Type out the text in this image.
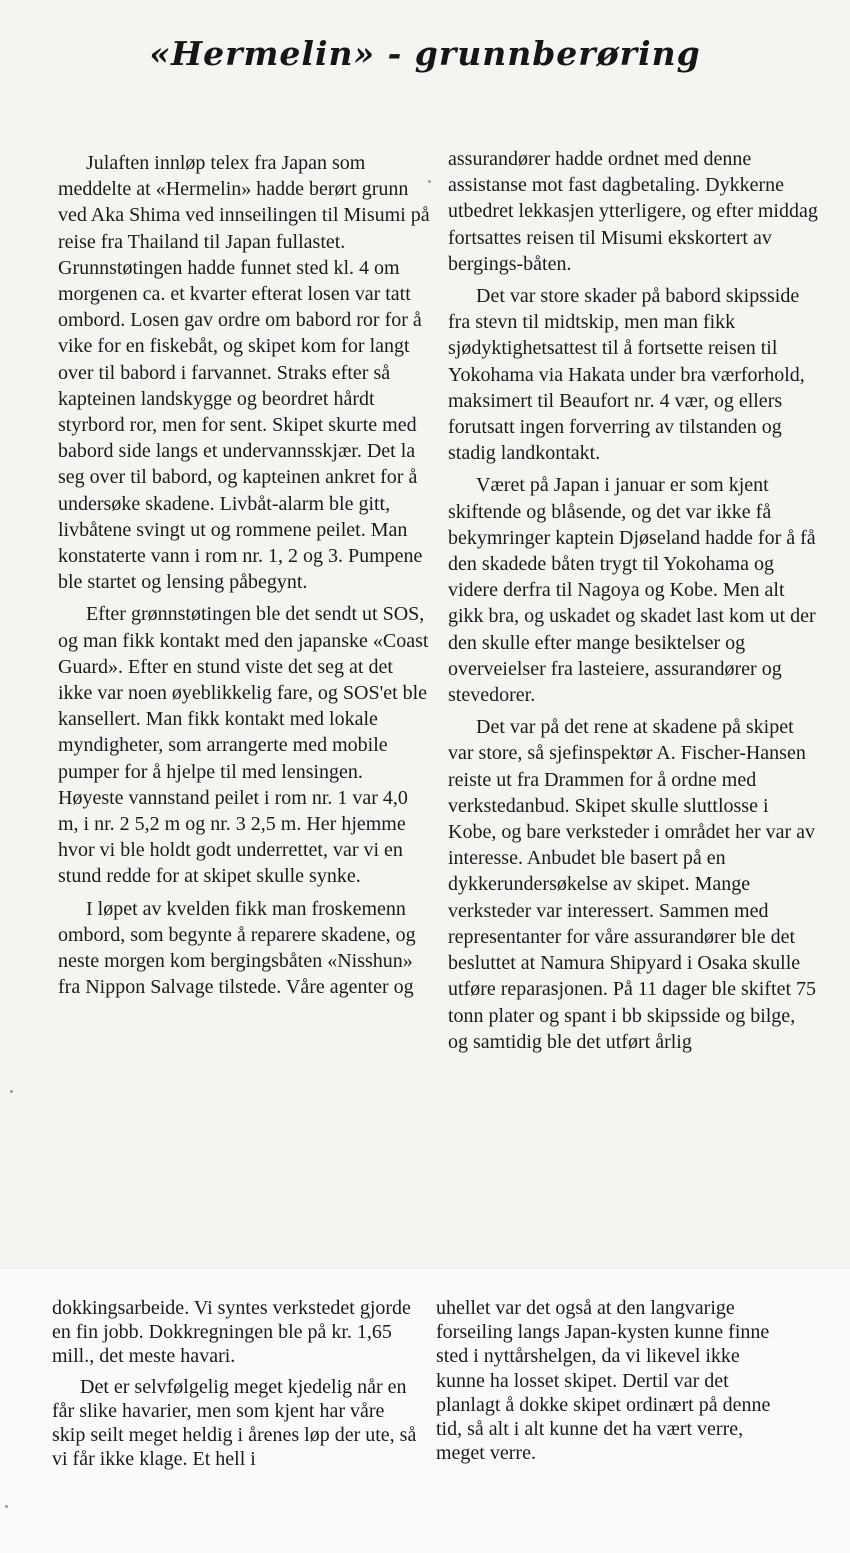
«Hermelin» - grunnberøring

Julaften innløp telex fra Japan som meddelte at «Hermelin» hadde berørt grunn ved Aka Shima ved innseilingen til Misumi på reise fra Thailand til Japan fullastet. Grunnstøtingen hadde funnet sted kl. 4 om morgenen ca. et kvarter efterat losen var tatt ombord. Losen gav ordre om babord ror for å vike for en fiskebåt, og skipet kom for langt over til babord i farvannet. Straks efter så kapteinen landskygge og beordret hårdt styrbord ror, men for sent. Skipet skurte med babord side langs et undervannsskjær. Det la seg over til babord, og kapteinen ankret for å undersøke skadene. Livbåt-alarm ble gitt, livbåtene svingt ut og rommene peilet. Man konstaterte vann i rom nr. 1, 2 og 3. Pumpene ble startet og lensing påbegynt.

Efter grønnstøtingen ble det sendt ut SOS, og man fikk kontakt med den japanske «Coast Guard». Efter en stund viste det seg at det ikke var noen øyeblikkelig fare, og SOS'et ble kansellert. Man fikk kontakt med lokale myndigheter, som arrangerte med mobile pumper for å hjelpe til med lensingen. Høyeste vannstand peilet i rom nr. 1 var 4,0 m, i nr. 2 5,2 m og nr. 3 2,5 m. Her hjemme hvor vi ble holdt godt underrettet, var vi en stund redde for at skipet skulle synke.

I løpet av kvelden fikk man froskemenn ombord, som begynte å reparere skadene, og neste morgen kom bergingsbåten «Nisshun» fra Nippon Salvage tilstede. Våre agenter og

assurandører hadde ordnet med denne assistanse mot fast dagbetaling. Dykkerne utbedret lekkasjen ytterligere, og efter middag fortsattes reisen til Misumi ekskortert av bergings-båten.

Det var store skader på babord skipsside fra stevn til midtskip, men man fikk sjødyktighetsattest til å fortsette reisen til Yokohama via Hakata under bra værforhold, maksimert til Beaufort nr. 4 vær, og ellers forutsatt ingen forverring av tilstanden og stadig landkontakt.

Været på Japan i januar er som kjent skiftende og blåsende, og det var ikke få bekymringer kaptein Djøseland hadde for å få den skadede båten trygt til Yokohama og videre derfra til Nagoya og Kobe. Men alt gikk bra, og uskadet og skadet last kom ut der den skulle efter mange besiktelser og overveielser fra lasteiere, assurandører og stevedorer.

Det var på det rene at skadene på skipet var store, så sjefinspektør A. Fischer-Hansen reiste ut fra Drammen for å ordne med verkstedanbud. Skipet skulle sluttlosse i Kobe, og bare verksteder i området her var av interesse. Anbudet ble basert på en dykkerundersøkelse av skipet. Mange verksteder var interessert. Sammen med representanter for våre assurandører ble det besluttet at Namura Shipyard i Osaka skulle utføre reparasjonen. På 11 dager ble skiftet 75 tonn plater og spant i bb skipsside og bilge, og samtidig ble det utført årlig

dokkingsarbeide. Vi syntes verkstedet gjorde en fin jobb. Dokkregningen ble på kr. 1,65 mill., det meste havari.

Det er selvfølgelig meget kjedelig når en får slike havarier, men som kjent har våre skip seilt meget heldig i årenes løp der ute, så vi får ikke klage. Et hell i

uhellet var det også at den langvarige forseiling langs Japan-kysten kunne finne sted i nyttårshelgen, da vi likevel ikke kunne ha losset skipet. Dertil var det planlagt å dokke skipet ordinært på denne tid, så alt i alt kunne det ha vært verre, meget verre.
